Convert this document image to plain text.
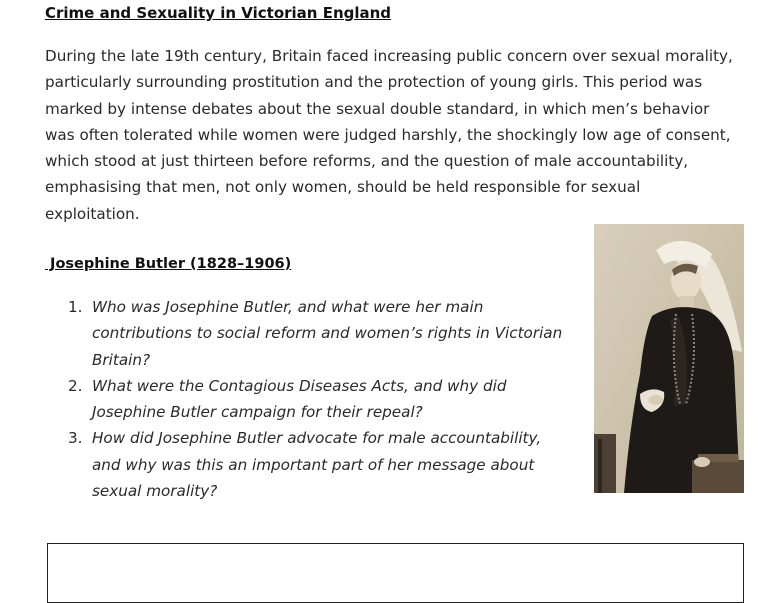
Crime and Sexuality in Victorian England

During the late 19th century, Britain faced increasing public concern over sexual morality, particularly surrounding prostitution and the protection of young girls. This period was marked by intense debates about the sexual double standard, in which men’s behavior was often tolerated while women were judged harshly, the shockingly low age of consent, which stood at just thirteen before reforms, and the question of male accountability, emphasising that men, not only women, should be held responsible for sexual exploitation.

Josephine Butler (1828–1906)
1. Who was Josephine Butler, and what were her main contributions to social reform and women’s rights in Victorian Britain?
2. What were the Contagious Diseases Acts, and why did Josephine Butler campaign for their repeal?
3. How did Josephine Butler advocate for male accountability, and why was this an important part of her message about sexual morality?
